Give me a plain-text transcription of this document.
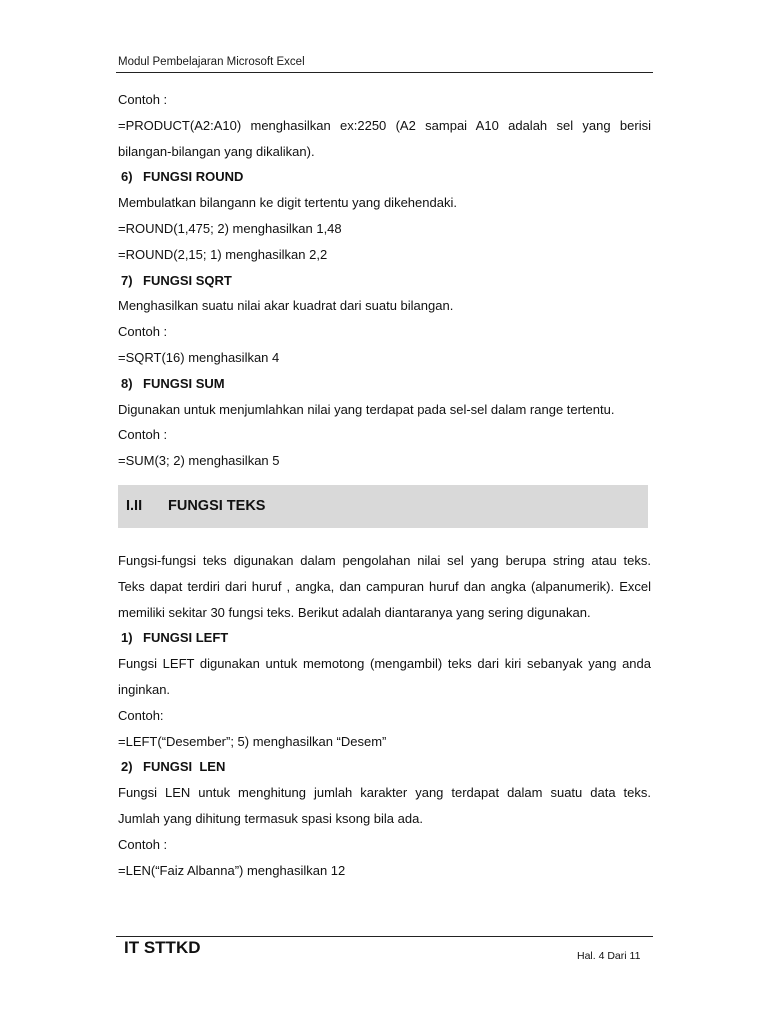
Modul Pembelajaran Microsoft Excel
Contoh :
=PRODUCT(A2:A10) menghasilkan ex:2250 (A2 sampai A10 adalah sel yang berisi
bilangan-bilangan yang dikalikan).
6) FUNGSI ROUND
Membulatkan bilangann ke digit tertentu yang dikehendaki.
=ROUND(1,475; 2) menghasilkan 1,48
=ROUND(2,15; 1) menghasilkan 2,2
7) FUNGSI SQRT
Menghasilkan suatu nilai akar kuadrat dari suatu bilangan.
Contoh :
=SQRT(16) menghasilkan 4
8) FUNGSI SUM
Digunakan untuk menjumlahkan nilai yang terdapat pada sel-sel dalam range tertentu.
Contoh :
=SUM(3; 2) menghasilkan 5
I.II	FUNGSI TEKS
Fungsi-fungsi teks digunakan dalam pengolahan nilai sel yang berupa string atau teks.
Teks dapat terdiri dari huruf , angka, dan campuran huruf dan angka (alpanumerik). Excel
memiliki sekitar 30 fungsi teks. Berikut adalah diantaranya yang sering digunakan.
1) FUNGSI LEFT
Fungsi LEFT digunakan untuk memotong (mengambil) teks dari kiri sebanyak yang anda
inginkan.
Contoh:
=LEFT(“Desember”; 5) menghasilkan “Desem”
2) FUNGSI  LEN
Fungsi LEN untuk menghitung jumlah karakter yang terdapat dalam suatu data teks.
Jumlah yang dihitung termasuk spasi ksong bila ada.
Contoh :
=LEN(“Faiz Albanna”) menghasilkan 12
IT STTKD	Hal. 4 Dari 11
